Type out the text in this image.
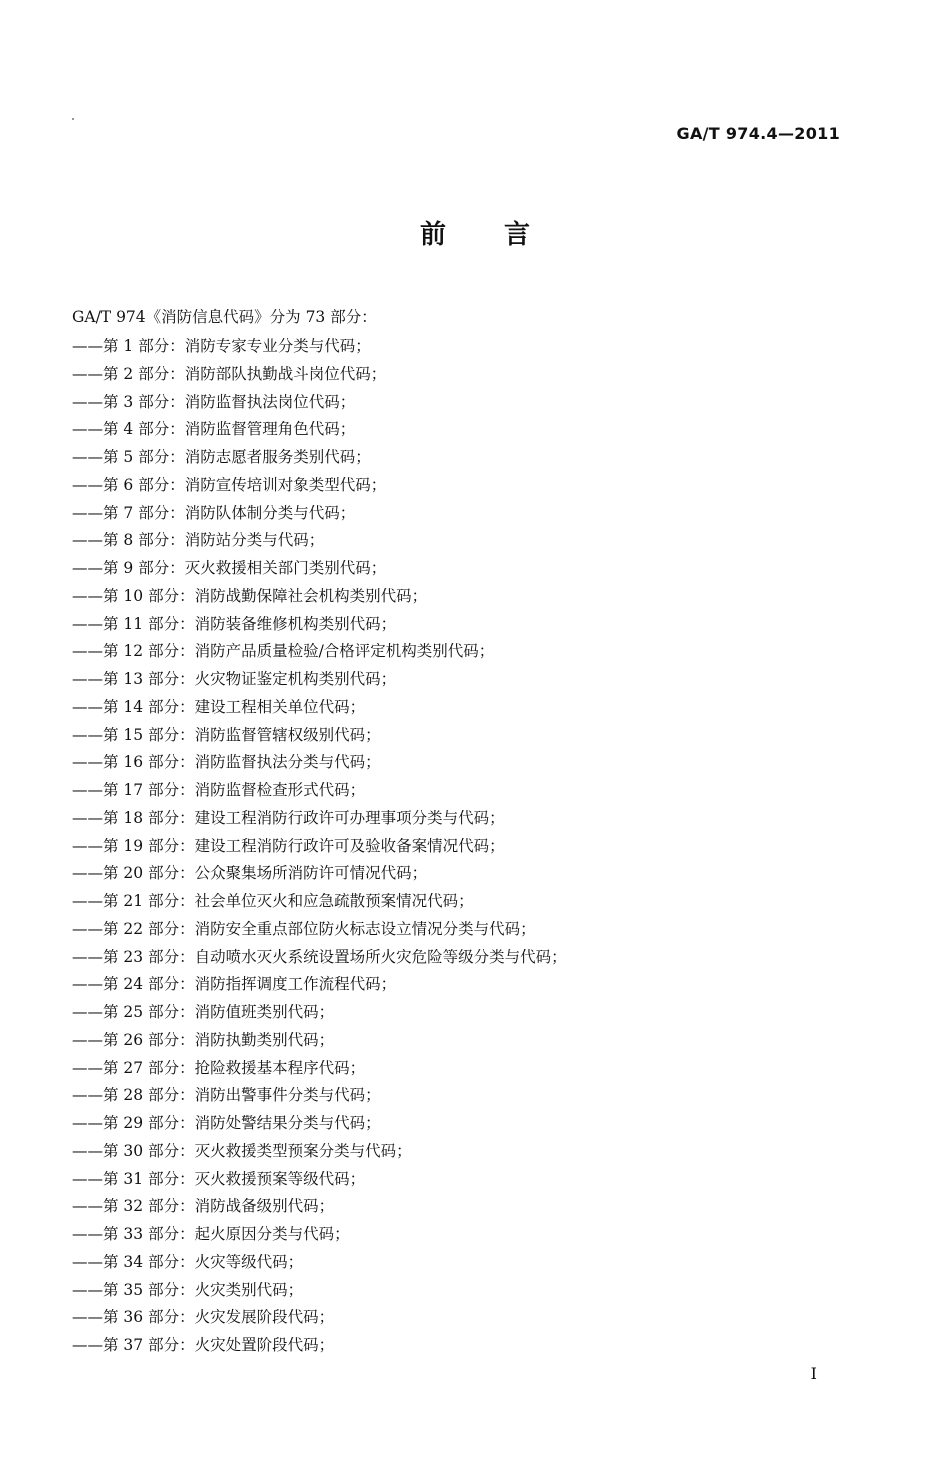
GA/T 974.4—2011
前言
GA/T 974《消防信息代码》分为 73 部分：
——第 1 部分：消防专家专业分类与代码；
——第 2 部分：消防部队执勤战斗岗位代码；
——第 3 部分：消防监督执法岗位代码；
——第 4 部分：消防监督管理角色代码；
——第 5 部分：消防志愿者服务类别代码；
——第 6 部分：消防宣传培训对象类型代码；
——第 7 部分：消防队体制分类与代码；
——第 8 部分：消防站分类与代码；
——第 9 部分：灭火救援相关部门类别代码；
——第 10 部分：消防战勤保障社会机构类别代码；
——第 11 部分：消防装备维修机构类别代码；
——第 12 部分：消防产品质量检验/合格评定机构类别代码；
——第 13 部分：火灾物证鉴定机构类别代码；
——第 14 部分：建设工程相关单位代码；
——第 15 部分：消防监督管辖权级别代码；
——第 16 部分：消防监督执法分类与代码；
——第 17 部分：消防监督检查形式代码；
——第 18 部分：建设工程消防行政许可办理事项分类与代码；
——第 19 部分：建设工程消防行政许可及验收备案情况代码；
——第 20 部分：公众聚集场所消防许可情况代码；
——第 21 部分：社会单位灭火和应急疏散预案情况代码；
——第 22 部分：消防安全重点部位防火标志设立情况分类与代码；
——第 23 部分：自动喷水灭火系统设置场所火灾危险等级分类与代码；
——第 24 部分：消防指挥调度工作流程代码；
——第 25 部分：消防值班类别代码；
——第 26 部分：消防执勤类别代码；
——第 27 部分：抢险救援基本程序代码；
——第 28 部分：消防出警事件分类与代码；
——第 29 部分：消防处警结果分类与代码；
——第 30 部分：灭火救援类型预案分类与代码；
——第 31 部分：灭火救援预案等级代码；
——第 32 部分：消防战备级别代码；
——第 33 部分：起火原因分类与代码；
——第 34 部分：火灾等级代码；
——第 35 部分：火灾类别代码；
——第 36 部分：火灾发展阶段代码；
——第 37 部分：火灾处置阶段代码；
I
